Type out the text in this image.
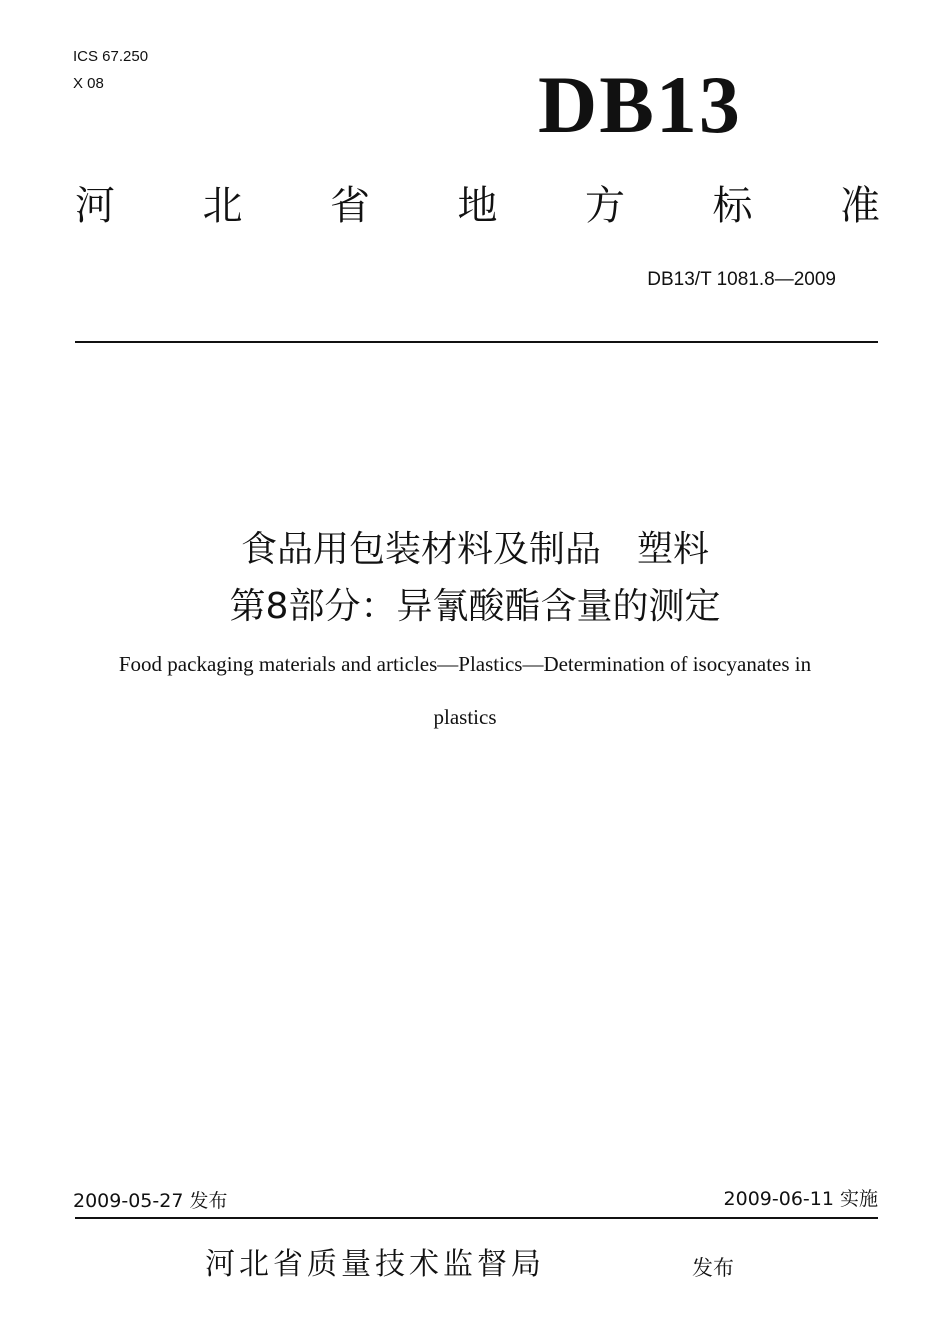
ICS 67.250
X 08	DB13
河 北 省 地 方 标 准
DB13/T 1081.8—2009
食品用包装材料及制品　塑料
第8部分：异氰酸酯含量的测定
Food packaging materials and articles—Plastics—Determination of isocyanates in
plastics
2009-05-27 发布	2009-06-11 实施
河北省质量技术监督局	发布
